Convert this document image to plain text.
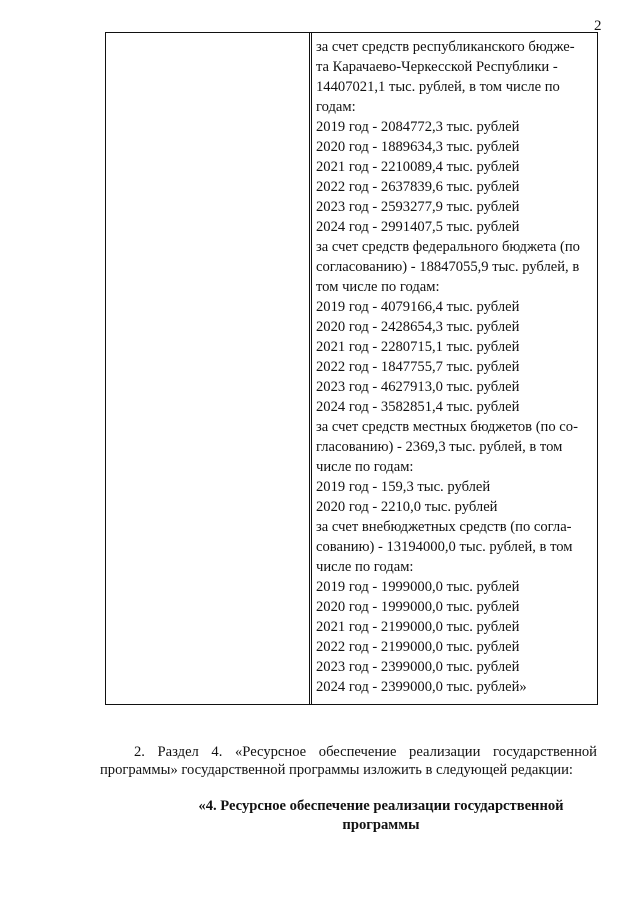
2
за счет средств республиканского бюдже-
та Карачаево-Черкесской Республики -
14407021,1 тыс. рублей, в том числе по
годам:
2019 год - 2084772,3 тыс. рублей
2020 год - 1889634,3 тыс. рублей
2021 год - 2210089,4 тыс. рублей
2022 год - 2637839,6 тыс. рублей
2023 год - 2593277,9 тыс. рублей
2024 год - 2991407,5 тыс. рублей
за счет средств федерального бюджета (по
согласованию) - 18847055,9 тыс. рублей, в
том числе по годам:
2019 год - 4079166,4 тыс. рублей
2020 год - 2428654,3 тыс. рублей
2021 год - 2280715,1 тыс. рублей
2022 год - 1847755,7 тыс. рублей
2023 год - 4627913,0 тыс. рублей
2024 год - 3582851,4 тыс. рублей
за счет средств местных бюджетов (по со-
гласованию) - 2369,3 тыс. рублей, в том
числе по годам:
2019 год - 159,3 тыс. рублей
2020 год - 2210,0 тыс. рублей
за счет внебюджетных средств (по согла-
сованию) - 13194000,0 тыс. рублей, в том
числе по годам:
2019 год - 1999000,0 тыс. рублей
2020 год - 1999000,0 тыс. рублей
2021 год - 2199000,0 тыс. рублей
2022 год - 2199000,0 тыс. рублей
2023 год - 2399000,0 тыс. рублей
2024 год - 2399000,0 тыс. рублей»
2. Раздел 4. «Ресурсное обеспечение реализации государственной программы» государственной программы изложить в следующей редакции:
«4. Ресурсное обеспечение реализации государственной
программы
